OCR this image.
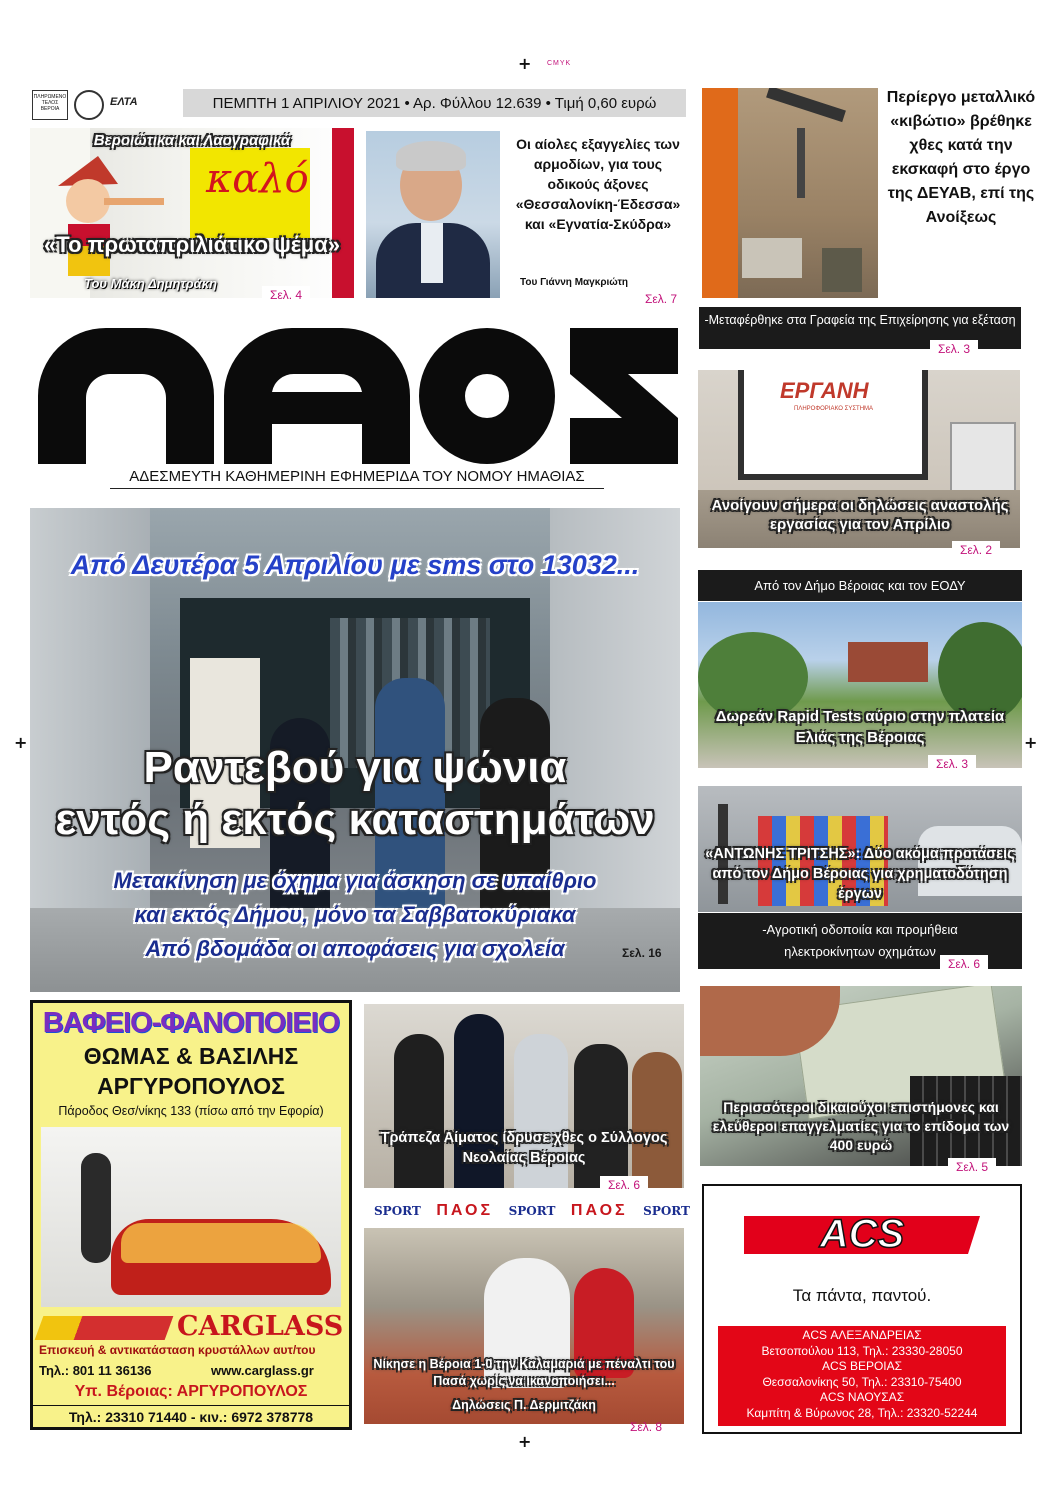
+ CMYK
+	+
+
ΠΛΗΡΩΜΕΝΟ ΤΕΛΟΣ ΒΕΡΟΙΑ
ΕΛΤΑ	ΠΕΜΠΤΗ 1 ΑΠΡΙΛΙΟΥ 2021 • Αρ. Φύλλου 12.639 • Τιμή 0,60 ευρώ
καλό
Βεροιώτικα και Λαογραφικά
«Το πρωταπριλιάτικο ψέμα»
Του Μάκη Δημητράκη
Σελ. 4
Οι αίολες εξαγγελίες των αρμοδίων, για τους οδικούς άξονες «Θεσσαλονίκη-Έδεσσα» και «Εγνατία-Σκύδρα»
Του Γιάννη Μαγκριώτη
Σελ. 7
Περίεργο μεταλλικό «κιβώτιο» βρέθηκε χθες κατά την εκσκαφή στο έργο της ΔΕΥΑΒ, επί της Ανοίξεως
-Μεταφέρθηκε στα Γραφεία της Επιχείρησης για εξέταση
Σελ. 3
ΑΔΕΣΜΕΥΤΗ ΚΑΘΗΜΕΡΙΝΗ ΕΦΗΜΕΡΙΔΑ ΤΟΥ ΝΟΜΟΥ ΗΜΑΘΙΑΣ
Από Δευτέρα 5 Απριλίου με sms στο 13032...
Ραντεβού για ψώνια
εντός ή εκτός καταστημάτων
Μετακίνηση με όχημα για άσκηση σε υπαίθριο
και εκτός Δήμου, μόνο τα Σαββατοκύριακα
Από βδομάδα οι αποφάσεις για σχολεία	Σελ. 16
ΕΡΓΑΝΗ
ΠΛΗΡΟΦΟΡΙΑΚΟ ΣΥΣΤΗΜΑ
Ανοίγουν σήμερα οι δηλώσεις αναστολής εργασίας για τον Απρίλιο
Σελ. 2
Από τον Δήμο Βέροιας και τον ΕΟΔΥ
Δωρεάν Rapid Tests αύριο στην πλατεία Ελιάς της Βέροιας
Σελ. 3
«ΑΝΤΩΝΗΣ ΤΡΙΤΣΗΣ»: Δύο ακόμα προτάσεις από τον Δήμο Βέροιας για χρηματοδότηση έργων
-Αγροτική οδοποιία και προμήθεια ηλεκτροκίνητων οχημάτων
Σελ. 6
ΒΑΦΕΙΟ-ΦΑΝΟΠΟΙΕΙΟ
ΘΩΜΑΣ & ΒΑΣΙΛΗΣ
ΑΡΓΥΡΟΠΟΥΛΟΣ
Πάροδος Θεσ/νίκης 133 (πίσω από την Εφορία)
CARGLASS
Επισκευή & αντικατάσταση κρυστάλλων αυτ/του
Τηλ.: 801 11 36136	www.carglass.gr
Υπ. Βέροιας: ΑΡΓΥΡΟΠΟΥΛΟΣ
Τηλ.: 23310 71440 - κιν.: 6972 378778
Τράπεζα Αίματος ίδρυσε χθες ο Σύλλογος Νεολαίας Βέροιας
Σελ. 6
SPORT ΠΑΟΣ SPORT ΠΑΟΣ SPORT
Νίκησε η Βέροια 1-0 την Καλαμαριά με πέναλτι του Πασά χωρίς να ικανοποιήσει...
Δηλώσεις Π. Δερμιτζάκη
Σελ. 8
Περισσότεροι δικαιούχοι επιστήμονες και ελεύθεροι επαγγελματίες για το επίδομα των 400 ευρώ
Σελ. 5
ACS
Τα πάντα, παντού.
ACS ΑΛΕΞΑΝΔΡΕΙΑΣ
Βετσοπούλου 113, Τηλ.: 23330-28050
ACS ΒΕΡΟΙΑΣ
Θεσσαλονίκης 50, Τηλ.: 23310-75400
ACS ΝΑΟΥΣΑΣ
Καμπίτη & Βύρωνος 28, Τηλ.: 23320-52244
